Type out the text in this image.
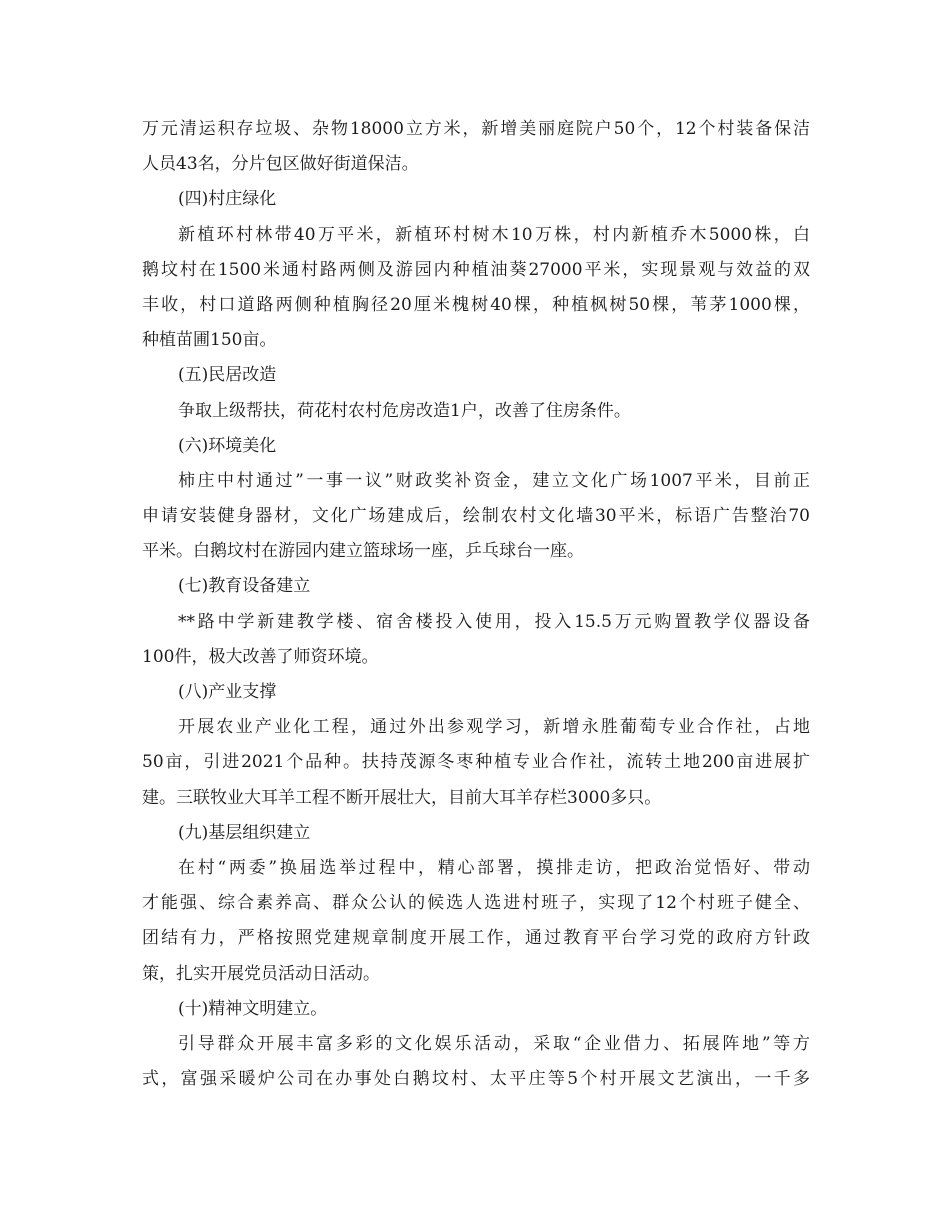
万元清运积存垃圾、杂物18000立方米，新增美丽庭院户50个，12个村装备保洁
人员43名，分片包区做好街道保洁。
(四)村庄绿化
新植环村林带40万平米，新植环村树木10万株，村内新植乔木5000株，白
鹅坟村在1500米通村路两侧及游园内种植油葵27000平米，实现景观与效益的双
丰收，村口道路两侧种植胸径20厘米槐树40棵，种植枫树50棵，苇茅1000棵，
种植苗圃150亩。
(五)民居改造
争取上级帮扶，荷花村农村危房改造1户，改善了住房条件。
(六)环境美化
柿庄中村通过”一事一议”财政奖补资金，建立文化广场1007平米，目前正
申请安装健身器材，文化广场建成后，绘制农村文化墙30平米，标语广告整治70
平米。白鹅坟村在游园内建立篮球场一座，乒乓球台一座。
(七)教育设备建立
**路中学新建教学楼、宿舍楼投入使用，投入15.5万元购置教学仪器设备
100件，极大改善了师资环境。
(八)产业支撑
开展农业产业化工程，通过外出参观学习，新增永胜葡萄专业合作社，占地
50亩，引进2021个品种。扶持茂源冬枣种植专业合作社，流转土地200亩进展扩
建。三联牧业大耳羊工程不断开展壮大，目前大耳羊存栏3000多只。
(九)基层组织建立
在村“两委”换届选举过程中，精心部署，摸排走访，把政治觉悟好、带动
才能强、综合素养高、群众公认的候选人选进村班子，实现了12个村班子健全、
团结有力，严格按照党建规章制度开展工作，通过教育平台学习党的政府方针政
策，扎实开展党员活动日活动。
(十)精神文明建立。
引导群众开展丰富多彩的文化娱乐活动，采取“企业借力、拓展阵地”等方
式，富强采暖炉公司在办事处白鹅坟村、太平庄等5个村开展文艺演出，一千多
